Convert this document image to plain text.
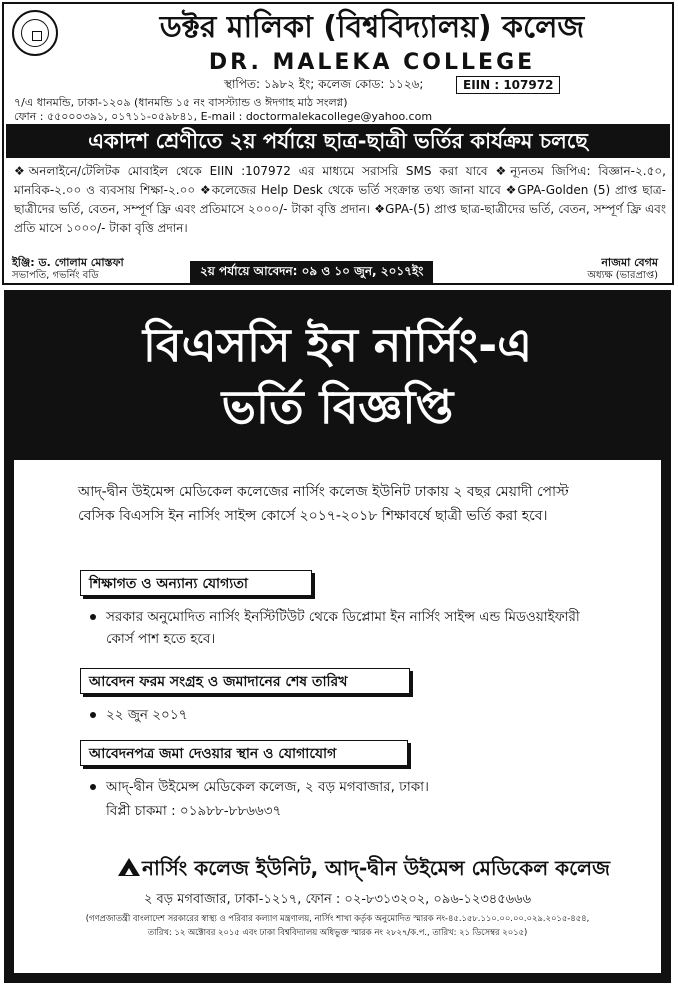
ডক্টর মালিকা (বিশ্ববিদ্যালয়) কলেজ
DR. MALEKA COLLEGE
স্থাপিত: ১৯৮২ ইং; কলেজ কোড: ১১২৬;	EIIN : 107972
৭/এ ধানমন্ডি, ঢাকা-১২০৯ (ধানমন্ডি ১৫ নং বাসস্ট্যান্ড ও ঈদগাহ মাঠ সংলগ্ন)
ফোন : ৫৫০০০৩৯১, ০১৭১১-০৫৯৮৪১, E-mail : doctormalekacollege@yahoo.com
একাদশ শ্রেণীতে ২য় পর্যায়ে ছাত্র-ছাত্রী ভর্তির কার্যক্রম চলছে
❖অনলাইনে/টেলিটক মোবাইল থেকে EIIN :107972 এর মাধ্যমে সরাসরি SMS করা যাবে ❖ন্যূনতম জিপিএ: বিজ্ঞান-২.৫০, মানবিক-২.০০ ও ব্যবসায় শিক্ষা-২.০০ ❖কলেজের Help Desk থেকে ভর্তি সংক্রান্ত তথ্য জানা যাবে ❖GPA-Golden (5) প্রাপ্ত ছাত্র-ছাত্রীদের ভর্তি, বেতন, সম্পূর্ণ ফ্রি এবং প্রতিমাসে ২০০০/- টাকা বৃত্তি প্রদান। ❖GPA-(5) প্রাপ্ত ছাত্র-ছাত্রীদের ভর্তি, বেতন, সম্পূর্ণ ফ্রি এবং প্রতি মাসে ১০০০/- টাকা বৃত্তি প্রদান।
ইঞ্জি: ড. গোলাম মোস্তফা
সভাপতি, গভর্নিং বডি	২য় পর্যায়ে আবেদন: ০৯ ও ১০ জুন, ২০১৭ইং
নাজমা বেগম
অধ্যক্ষ (ভারপ্রাপ্ত)
বিএসসি ইন নার্সিং-এ
ভর্তি বিজ্ঞপ্তি
আদ্-দ্বীন উইমেন্স মেডিকেল কলেজের নার্সিং কলেজ ইউনিট ঢাকায় ২ বছর মেয়াদী পোস্ট বেসিক বিএসসি ইন নার্সিং সাইন্স কোর্সে ২০১৭-২০১৮ শিক্ষাবর্ষে ছাত্রী ভর্তি করা হবে।
শিক্ষাগত ও অন্যান্য যোগ্যতা
সরকার অনুমোদিত নার্সিং ইনস্টিটিউট থেকে ডিপ্লোমা ইন নার্সিং সাইন্স এন্ড মিডওয়াইফারী কোর্স পাশ হতে হবে।
আবেদন ফরম সংগ্রহ ও জমাদানের শেষ তারিখ
২২ জুন ২০১৭
আবেদনপত্র জমা দেওয়ার স্থান ও যোগাযোগ
আদ্-দ্বীন উইমেন্স মেডিকেল কলেজ, ২ বড় মগবাজার, ঢাকা।
বিপ্লী চাকমা : ০১৯৮৮-৮৮৬৬৩৭
নার্সিং কলেজ ইউনিট, আদ্-দ্বীন উইমেন্স মেডিকেল কলেজ
২ বড় মগবাজার, ঢাকা-১২১৭, ফোন : ০২-৮৩১৩২০২, ০৯৬-১২৩৪৫৬৬৬
(গণপ্রজাতন্ত্রী বাংলাদেশ সরকারের স্বাস্থ্য ও পরিবার কল্যাণ মন্ত্রণালয়, নার্সিং শাখা কর্তৃক অনুমোদিত স্মারক নং-৪৫.১৫৮.১১০.০০.০০.০২৯.২০১৫-৪৫৪,
তারিখ: ১২ অক্টোবর ২০১৫ এবং ঢাকা বিশ্ববিদ্যালয় অধিভুক্ত স্মারক নং ২৮২৭/ক.প., তারিখ: ২১ ডিসেম্বর ২০১৫)
